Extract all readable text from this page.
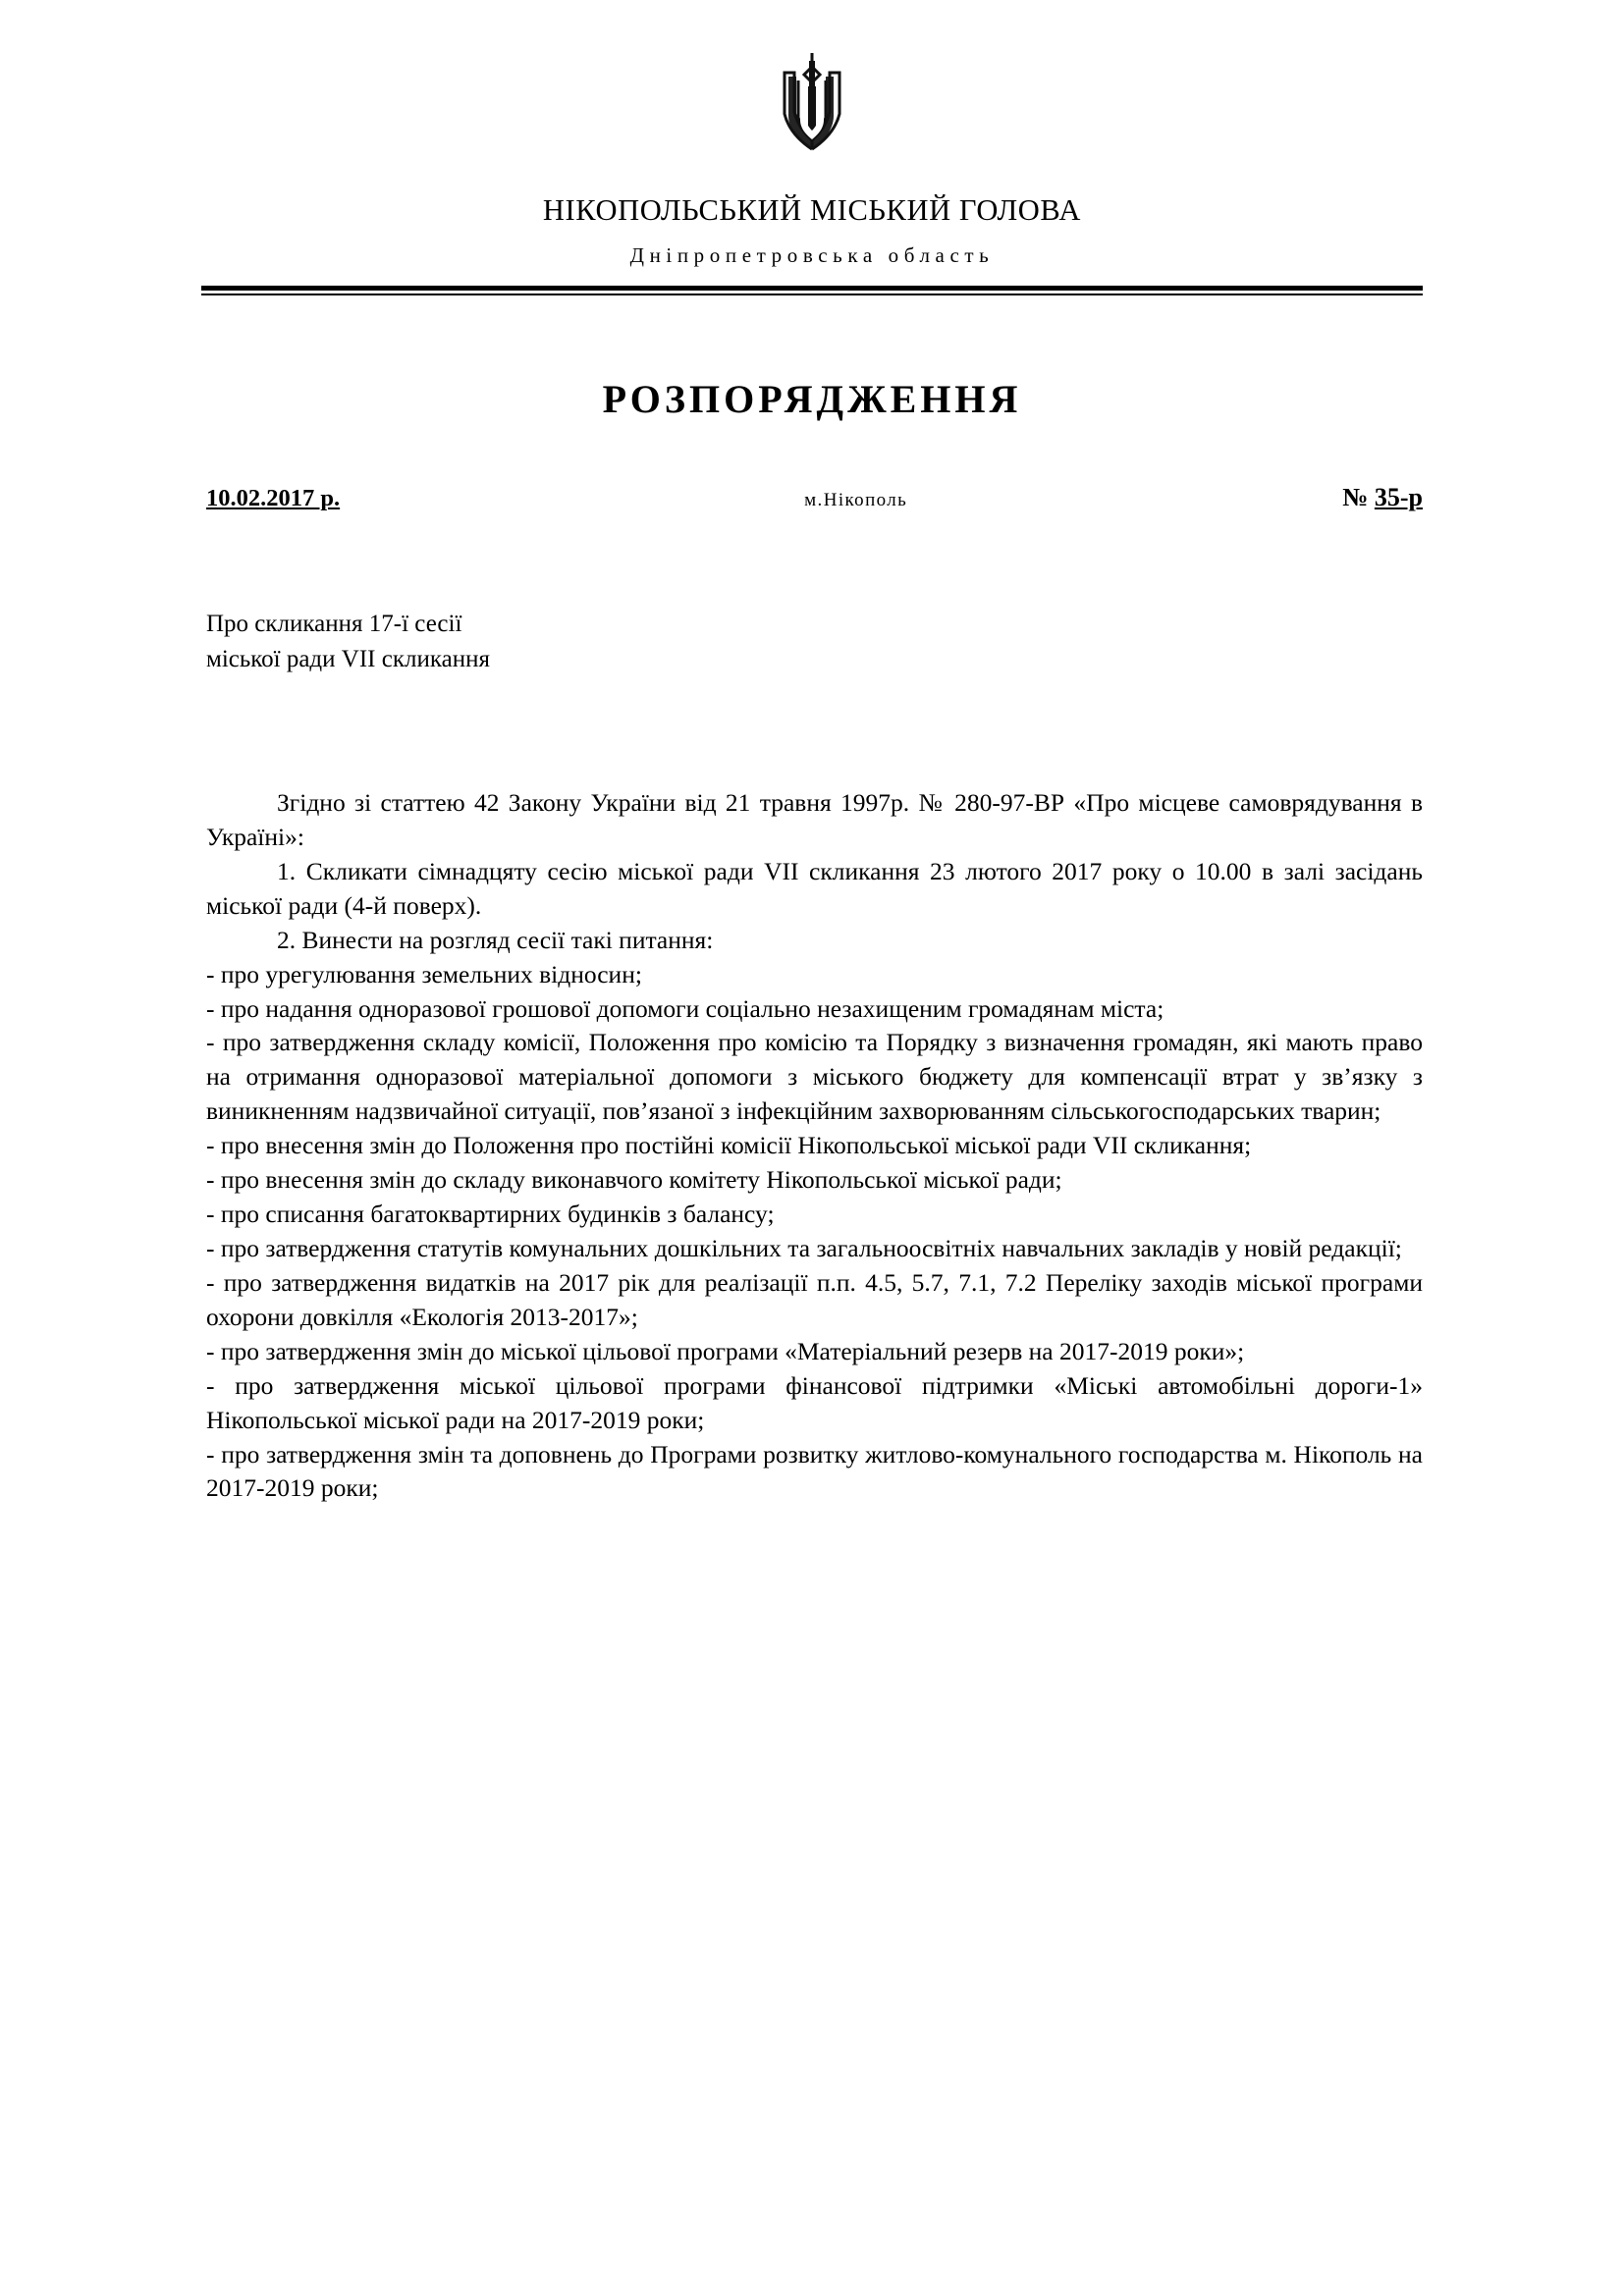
НІКОПОЛЬСЬКИЙ МІСЬКИЙ ГОЛОВА
Дніпропетровська область
РОЗПОРЯДЖЕННЯ
10.02.2017 р.	м.Нікополь	№ 35-р
Про скликання 17-ї сесії
міської ради VII скликання

Згідно зі статтею 42 Закону України від 21 травня 1997р. № 280-97-ВР «Про місцеве самоврядування в Україні»:

1. Скликати сімнадцяту сесію міської ради VII скликання 23 лютого 2017 року о 10.00 в залі засідань міської ради (4-й поверх).

2. Винести на розгляд сесії такі питання:

- про урегулювання земельних відносин;

- про надання одноразової грошової допомоги соціально незахищеним громадянам міста;

- про затвердження складу комісії, Положення про комісію та Порядку з визначення громадян, які мають право на отримання одноразової матеріальної допомоги з міського бюджету для компенсації втрат у зв’язку з виникненням надзвичайної ситуації, пов’язаної з інфекційним захворюванням сільськогосподарських тварин;

- про внесення змін до Положення про постійні комісії Нікопольської міської ради VII скликання;

- про внесення змін до складу виконавчого комітету Нікопольської міської ради;

- про списання багатоквартирних будинків з балансу;

- про затвердження статутів комунальних дошкільних та загальноосвітніх навчальних закладів у новій редакції;

- про затвердження видатків на 2017 рік для реалізації п.п. 4.5, 5.7, 7.1, 7.2 Переліку заходів міської програми охорони довкілля «Екологія 2013-2017»;

- про затвердження змін до міської цільової програми «Матеріальний резерв на 2017-2019 роки»;

- про затвердження міської цільової програми фінансової підтримки «Міські автомобільні дороги-1» Нікопольської міської ради на 2017-2019 роки;

- про затвердження змін та доповнень до Програми розвитку житлово-комунального господарства м. Нікополь на 2017-2019 роки;
